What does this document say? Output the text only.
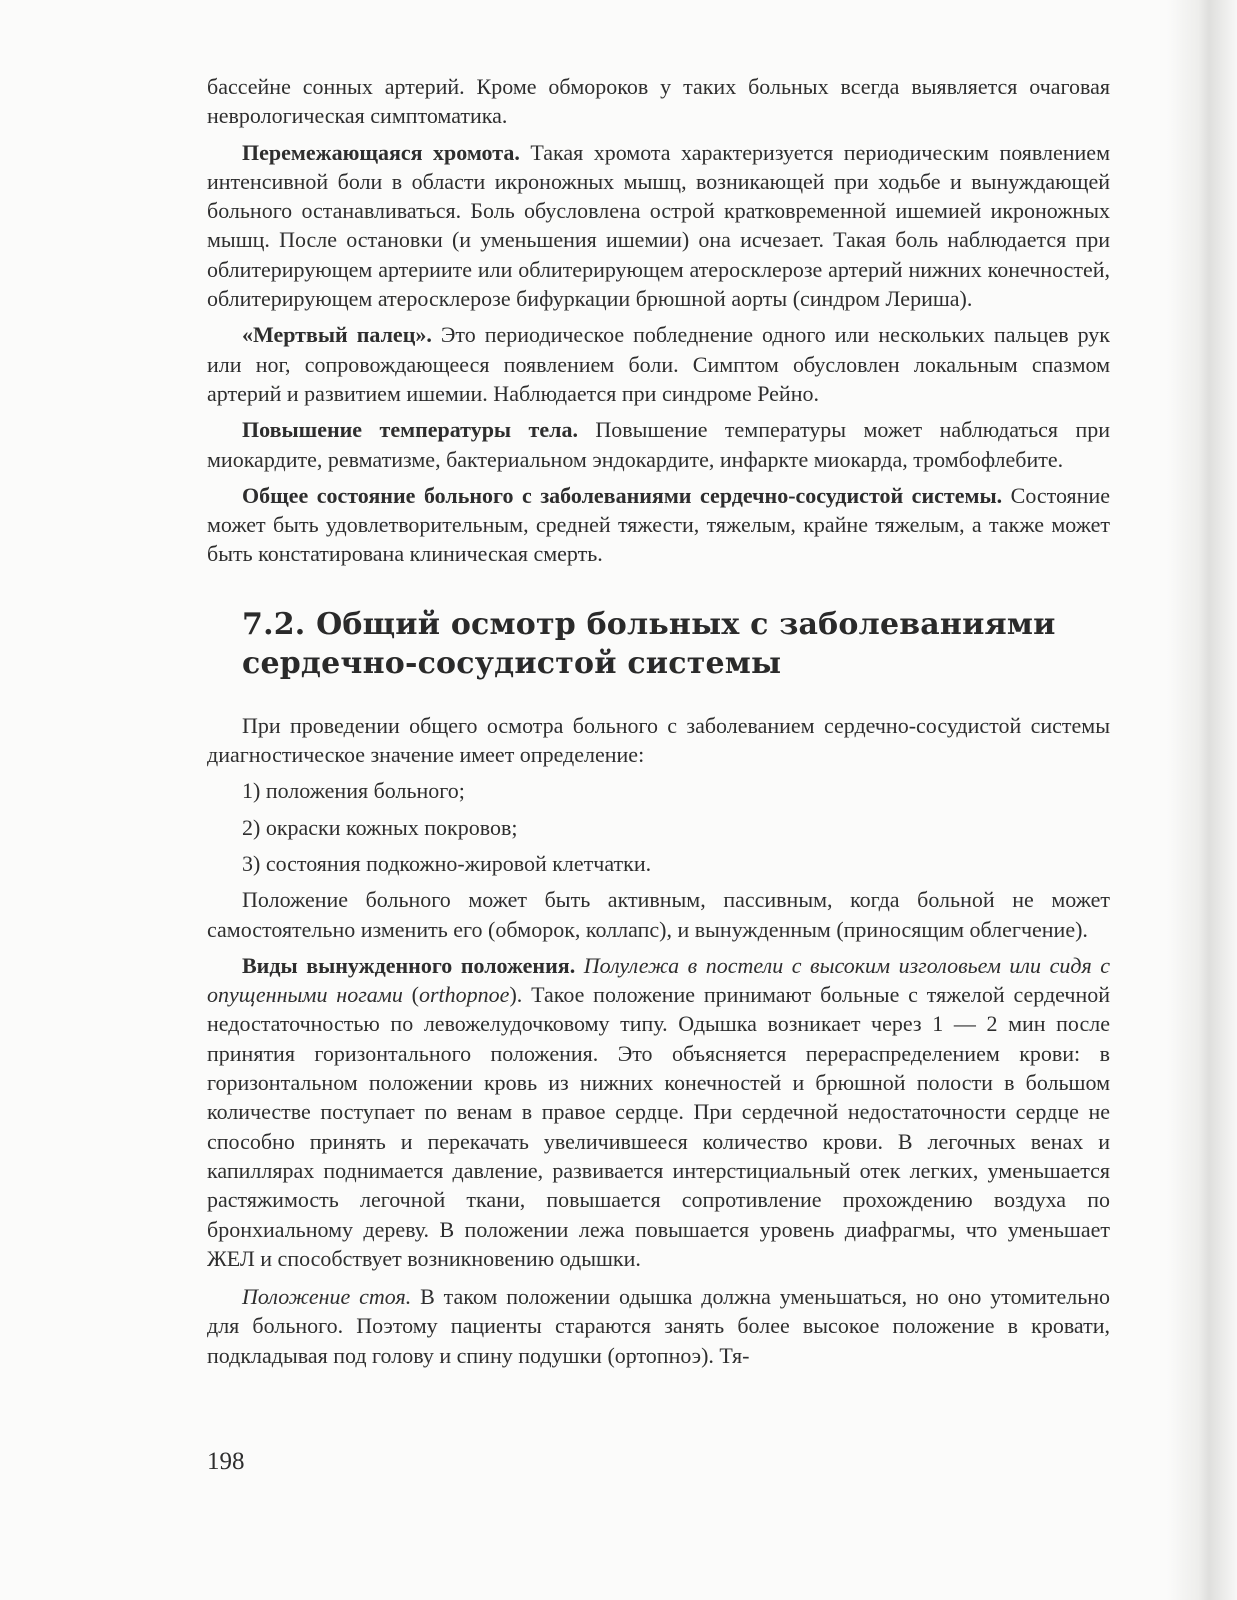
бассейне сонных артерий. Кроме обмороков у таких больных всегда выявляется очаговая неврологическая симптоматика.

Перемежающаяся хромота. Такая хромота характеризуется периодическим появлением интенсивной боли в области икроножных мышц, возникающей при ходьбе и вынуждающей больного останавливаться. Боль обусловлена острой кратковременной ишемией икроножных мышц. После остановки (и уменьшения ишемии) она исчезает. Такая боль наблюдается при облитерирующем артериите или облитерирующем атеросклерозе артерий нижних конечностей, облитерирующем атеросклерозе бифуркации брюшной аорты (синдром Лериша).

«Мертвый палец». Это периодическое побледнение одного или нескольких пальцев рук или ног, сопровождающееся появлением боли. Симптом обусловлен локальным спазмом артерий и развитием ишемии. Наблюдается при синдроме Рейно.

Повышение температуры тела. Повышение температуры может наблюдаться при миокардите, ревматизме, бактериальном эндокардите, инфаркте миокарда, тромбофлебите.

Общее состояние больного с заболеваниями сердечно-сосудистой системы. Состояние может быть удовлетворительным, средней тяжести, тяжелым, крайне тяжелым, а также может быть констатирована клиническая смерть.

7.2. Общий осмотр больных с заболеваниями сердечно-сосудистой системы

При проведении общего осмотра больного с заболеванием сердечно-сосудистой системы диагностическое значение имеет определение:

1) положения больного;

2) окраски кожных покровов;

3) состояния подкожно-жировой клетчатки.

Положение больного может быть активным, пассивным, когда больной не может самостоятельно изменить его (обморок, коллапс), и вынужденным (приносящим облегчение).

Виды вынужденного положения. Полулежа в постели с высоким изголовьем или сидя с опущенными ногами (orthopnoe). Такое положение принимают больные с тяжелой сердечной недостаточностью по левожелудочковому типу. Одышка возникает через 1 — 2 мин после принятия горизонтального положения. Это объясняется перераспределением крови: в горизонтальном положении кровь из нижних конечностей и брюшной полости в большом количестве поступает по венам в правое сердце. При сердечной недостаточности сердце не способно принять и перекачать увеличившееся количество крови. В легочных венах и капиллярах поднимается давление, развивается интерстициальный отек легких, уменьшается растяжимость легочной ткани, повышается сопротивление прохождению воздуха по бронхиальному дереву. В положении лежа повышается уровень диафрагмы, что уменьшает ЖЕЛ и способствует возникновению одышки.

Положение стоя. В таком положении одышка должна уменьшаться, но оно утомительно для больного. Поэтому пациенты стараются занять более высокое положение в кровати, подкладывая под голову и спину подушки (ортопноэ). Тя-

198
